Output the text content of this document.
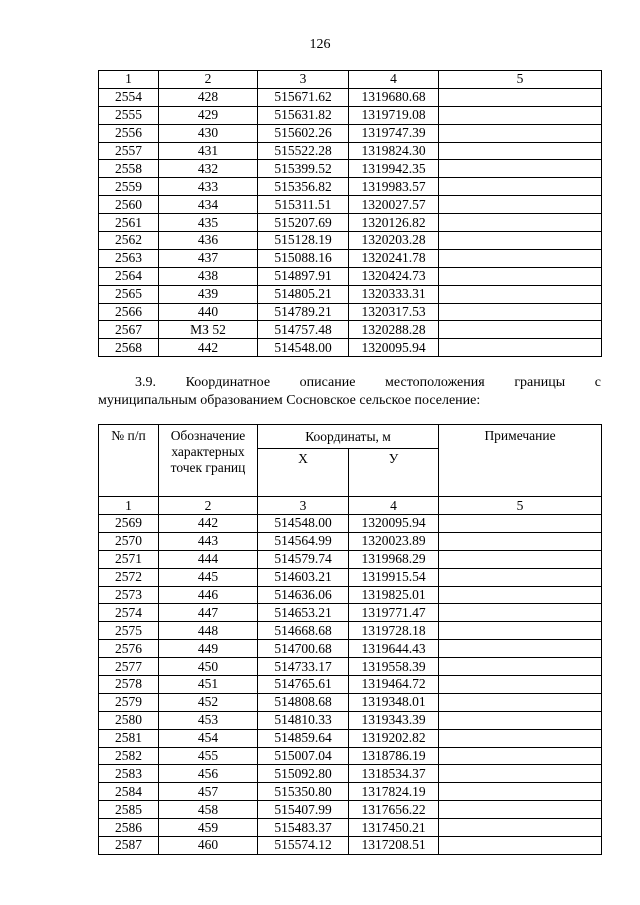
126
1	2	3	4	5
2554	428	515671.62	1319680.68	
2555	429	515631.82	1319719.08	
2556	430	515602.26	1319747.39	
2557	431	515522.28	1319824.30	
2558	432	515399.52	1319942.35	
2559	433	515356.82	1319983.57	
2560	434	515311.51	1320027.57	
2561	435	515207.69	1320126.82	
2562	436	515128.19	1320203.28	
2563	437	515088.16	1320241.78	
2564	438	514897.91	1320424.73	
2565	439	514805.21	1320333.31	
2566	440	514789.21	1320317.53	
2567	МЗ 52	514757.48	1320288.28	
2568	442	514548.00	1320095.94	
3.9. Координатное описание местоположения границы с
муниципальным образованием Сосновское сельское поселение:
№ п/п	Обозначение характерных точек границ	Координаты, м		Примечание
		X	У	
1	2	3	4	5
2569	442	514548.00	1320095.94	
2570	443	514564.99	1320023.89	
2571	444	514579.74	1319968.29	
2572	445	514603.21	1319915.54	
2573	446	514636.06	1319825.01	
2574	447	514653.21	1319771.47	
2575	448	514668.68	1319728.18	
2576	449	514700.68	1319644.43	
2577	450	514733.17	1319558.39	
2578	451	514765.61	1319464.72	
2579	452	514808.68	1319348.01	
2580	453	514810.33	1319343.39	
2581	454	514859.64	1319202.82	
2582	455	515007.04	1318786.19	
2583	456	515092.80	1318534.37	
2584	457	515350.80	1317824.19	
2585	458	515407.99	1317656.22	
2586	459	515483.37	1317450.21	
2587	460	515574.12	1317208.51	
